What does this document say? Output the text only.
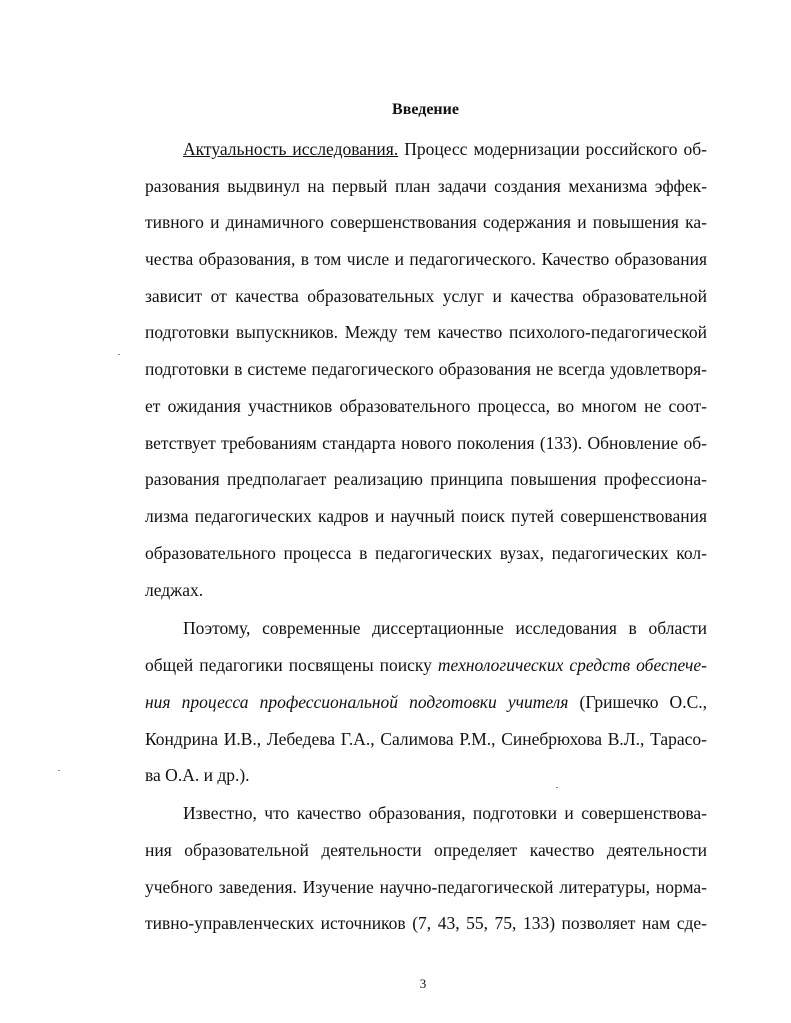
Введение
Актуальность исследования. Процесс модернизации российского об-
разования выдвинул на первый план задачи создания механизма эффек-
тивного и динамичного совершенствования содержания и повышения ка-
чества образования, в том числе и педагогического. Качество образования
зависит от качества образовательных услуг и качества образовательной
подготовки выпускников. Между тем качество психолого-педагогической
подготовки в системе педагогического образования не всегда удовлетворя-
ет ожидания участников образовательного процесса, во многом не соот-
ветствует требованиям стандарта нового поколения (133). Обновление об-
разования предполагает реализацию принципа повышения профессиона-
лизма педагогических кадров и научный поиск путей совершенствования
образовательного процесса в педагогических вузах, педагогических кол-
леджах.
Поэтому, современные диссертационные исследования в области
общей педагогики посвящены поиску технологических средств обеспече-
ния процесса профессиональной подготовки учителя (Гришечко О.С.,
Кондрина И.В., Лебедева Г.А., Салимова Р.М., Синебрюхова В.Л., Тарасо-
ва О.А. и др.).
Известно, что качество образования, подготовки и совершенствова-
ния образовательной деятельности определяет качество деятельности
учебного заведения. Изучение научно-педагогической литературы, норма-
тивно-управленческих источников (7, 43, 55, 75, 133) позволяет нам сде-
3
